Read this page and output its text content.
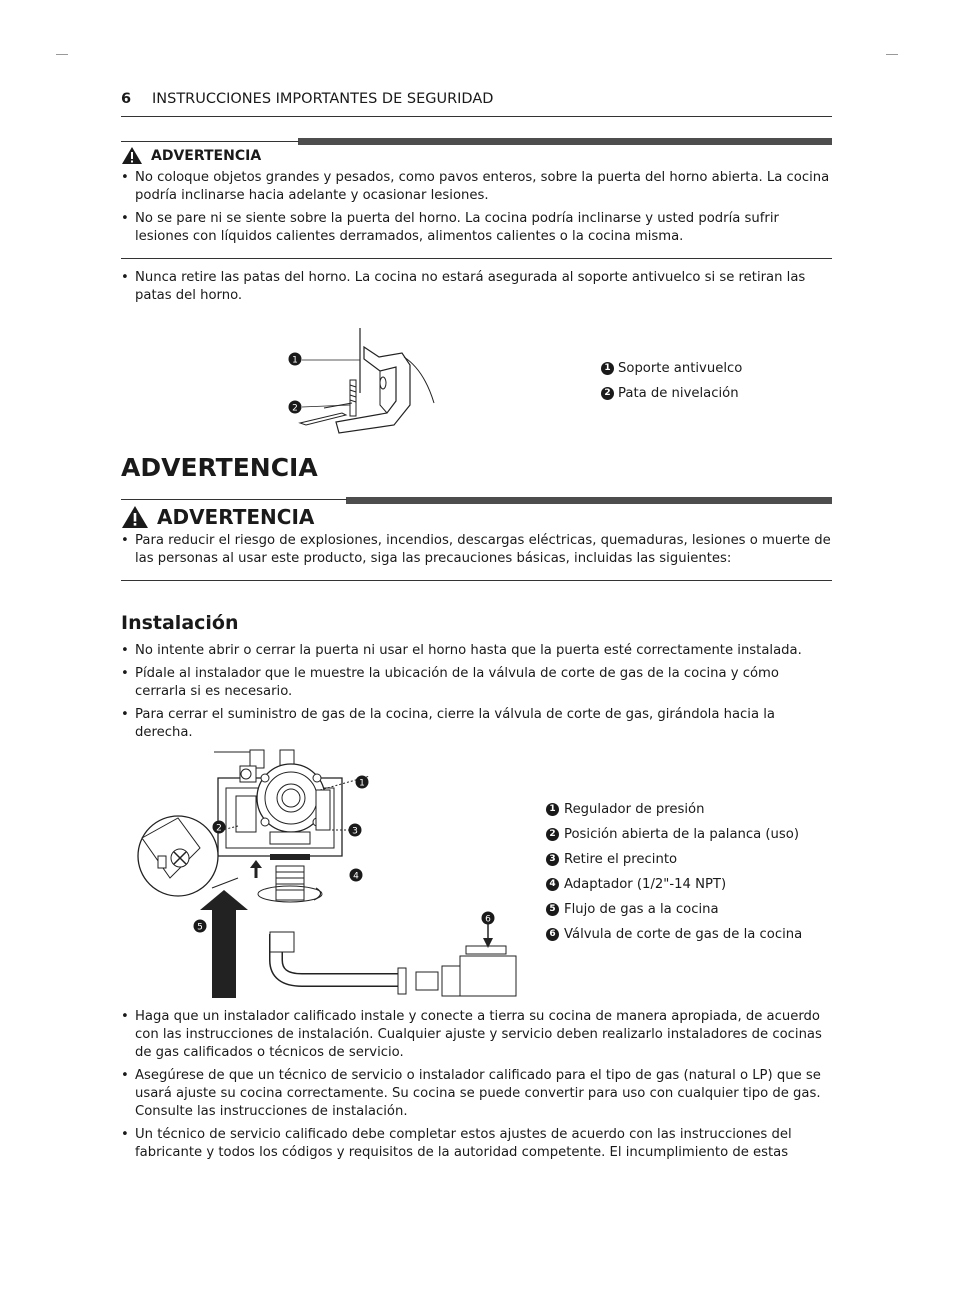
6 INSTRUCCIONES IMPORTANTES DE SEGURIDAD
ADVERTENCIA
• No coloque objetos grandes y pesados, como pavos enteros, sobre la puerta del horno abierta. La cocina podría inclinarse hacia adelante y ocasionar lesiones.
• No se pare ni se siente sobre la puerta del horno. La cocina podría inclinarse y usted podría sufrir lesiones con líquidos calientes derramados, alimentos calientes o la cocina misma.
• Nunca retire las patas del horno. La cocina no estará asegurada al soporte antivuelco si se retiran las patas del horno.
1
2
1 Soporte antivuelco
2 Pata de nivelación
ADVERTENCIA
ADVERTENCIA
• Para reducir el riesgo de explosiones, incendios, descargas eléctricas, quemaduras, lesiones o muerte de las personas al usar este producto, siga las precauciones básicas, incluidas las siguientes:
Instalación
• No intente abrir o cerrar la puerta ni usar el horno hasta que la puerta esté correctamente instalada.
• Pídale al instalador que le muestre la ubicación de la válvula de corte de gas de la cocina y cómo cerrarla si es necesario.
• Para cerrar el suministro de gas de la cocina, cierre la válvula de corte de gas, girándola hacia la derecha.
1
2	3
4
5
6
1 Regulador de presión
2 Posición abierta de la palanca (uso)
3 Retire el precinto
4 Adaptador (1/2"-14 NPT)
5 Flujo de gas a la cocina
6 Válvula de corte de gas de la cocina
• Haga que un instalador calificado instale y conecte a tierra su cocina de manera apropiada, de acuerdo con las instrucciones de instalación. Cualquier ajuste y servicio deben realizarlo instaladores de cocinas de gas calificados o técnicos de servicio.
• Asegúrese de que un técnico de servicio o instalador calificado para el tipo de gas (natural o LP) que se usará ajuste su cocina correctamente. Su cocina se puede convertir para uso con cualquier tipo de gas. Consulte las instrucciones de instalación.
• Un técnico de servicio calificado debe completar estos ajustes de acuerdo con las instrucciones del fabricante y todos los códigos y requisitos de la autoridad competente. El incumplimiento de estas
